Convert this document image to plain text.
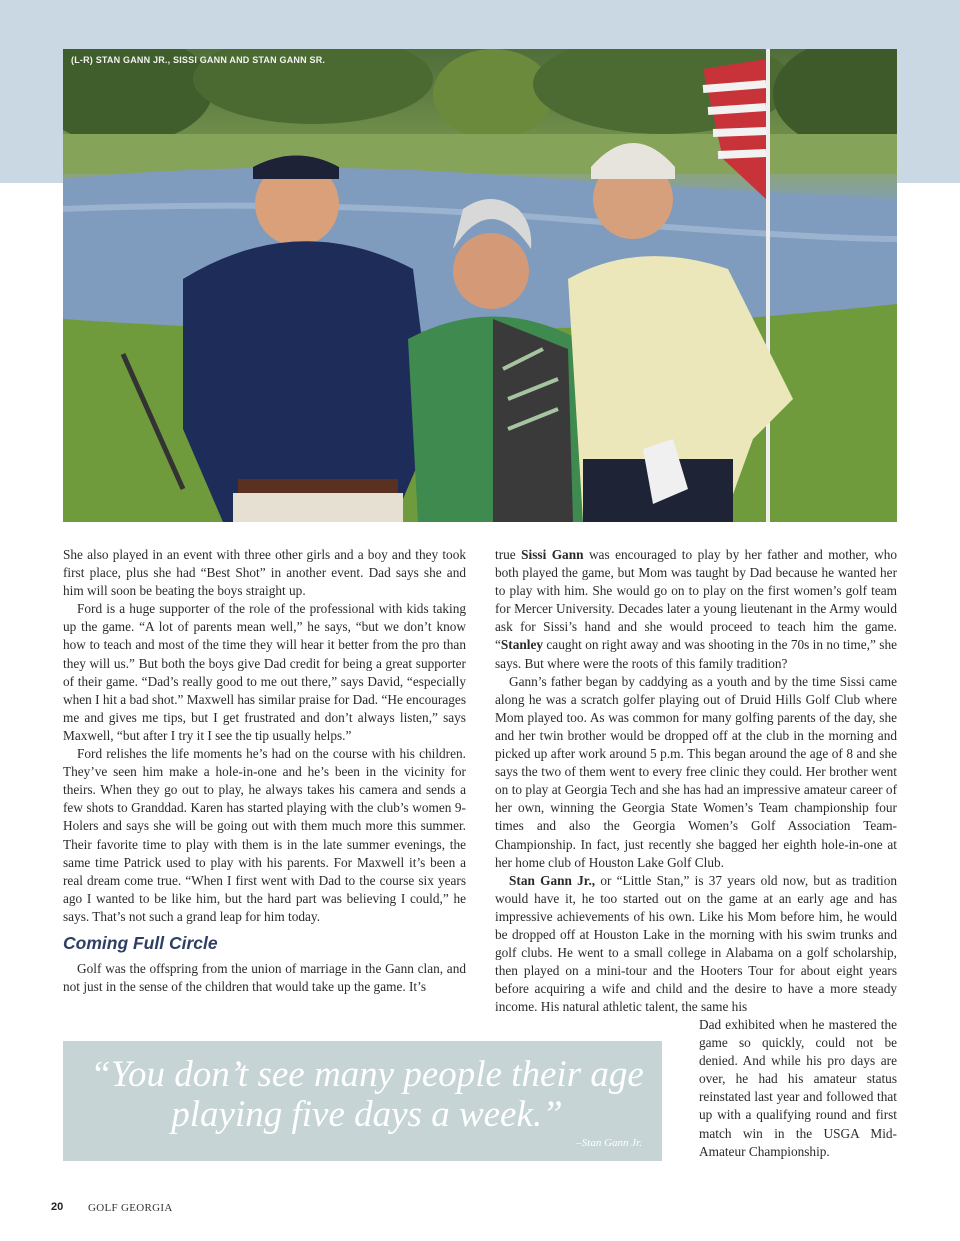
(L-R) STAN GANN JR., SISSI GANN AND STAN GANN SR.

She also played in an event with three other girls and a boy and they took first place, plus she had “Best Shot” in another event. Dad says she and him will soon be beating the boys straight up.

Ford is a huge supporter of the role of the professional with kids taking up the game. “A lot of parents mean well,” he says, “but we don’t know how to teach and most of the time they will hear it better from the pro than they will us.” But both the boys give Dad credit for being a great supporter of their game. “Dad’s really good to me out there,” says David, “especially when I hit a bad shot.” Maxwell has similar praise for Dad. “He encourages me and gives me tips, but I get frustrated and don’t always listen,” says Maxwell, “but after I try it I see the tip usually helps.”

Ford relishes the life moments he’s had on the course with his children. They’ve seen him make a hole-in-one and he’s been in the vicinity for theirs. When they go out to play, he always takes his camera and sends a few shots to Granddad. Karen has started playing with the club’s women 9-Holers and says she will be going out with them much more this summer. Their favorite time to play with them is in the late summer evenings, the same time Patrick used to play with his parents. For Maxwell it’s been a real dream come true. “When I first went with Dad to the course six years ago I wanted to be like him, but the hard part was believing I could,” he says. That’s not such a grand leap for him today.

Coming Full Circle

Golf was the offspring from the union of marriage in the Gann clan, and not just in the sense of the children that would take up the game. It’s

true Sissi Gann was encouraged to play by her father and mother, who both played the game, but Mom was taught by Dad because he wanted her to play with him. She would go on to play on the first women’s golf team for Mercer University. Decades later a young lieutenant in the Army would ask for Sissi’s hand and she would proceed to teach him the game. “Stanley caught on right away and was shooting in the 70s in no time,” she says. But where were the roots of this family tradition?

Gann’s father began by caddying as a youth and by the time Sissi came along he was a scratch golfer playing out of Druid Hills Golf Club where Mom played too. As was common for many golfing parents of the day, she and her twin brother would be dropped off at the club in the morning and picked up after work around 5 p.m. This began around the age of 8 and she says the two of them went to every free clinic they could. Her brother went on to play at Georgia Tech and she has had an impressive amateur career of her own, winning the Georgia State Women’s Team championship four times and also the Georgia Women’s Golf Association Team- Championship. In fact, just recently she bagged her eighth hole-in-one at her home club of Houston Lake Golf Club.

Stan Gann Jr., or “Little Stan,” is 37 years old now, but as tradition would have it, he too started out on the game at an early age and has impressive achievements of his own. Like his Mom before him, he would be dropped off at Houston Lake in the morning with his swim trunks and golf clubs. He went to a small college in Alabama on a golf scholarship, then played on a mini-tour and the Hooters Tour for about eight years before acquiring a wife and child and the desire to have a more steady income. His natural athletic talent, the same his

Dad exhibited when he mastered the game so quickly, could not be denied. And while his pro days are over, he had his amateur status reinstated last year and followed that up with a qualifying round and first match win in the USGA Mid-Amateur Championship.

“You don’t see many people their age playing five days a week.”

–Stan Gann Jr.

20 GOLF GEORGIA
